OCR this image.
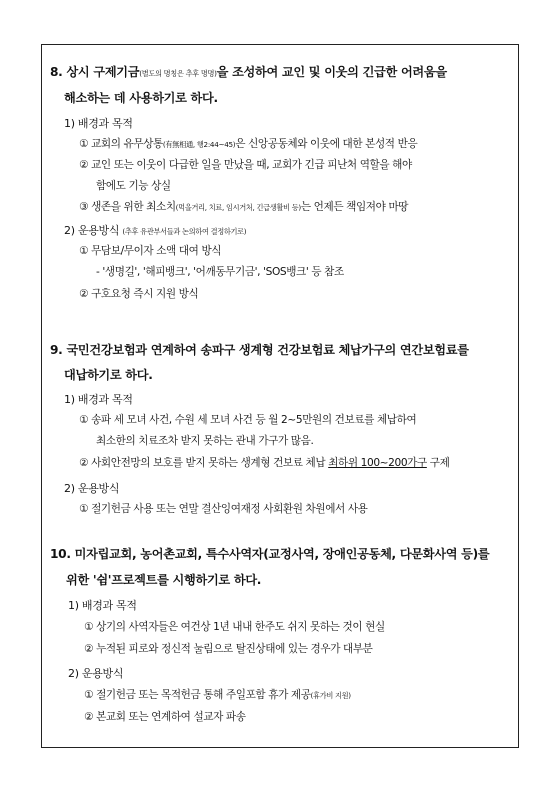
8. 상시 구제기금(별도의 명칭은 추후 명명)을 조성하여 교인 및 이웃의 긴급한 어려움을
해소하는 데 사용하기로 하다.
1) 배경과 목적
① 교회의 유무상통(有無相通, 행2:44~45)은 신앙공동체와 이웃에 대한 본성적 반응
② 교인 또는 이웃이 다급한 일을 만났을 때, 교회가 긴급 피난처 역할을 해야
함에도 기능 상실
③ 생존을 위한 최소치(먹을거리, 치료, 임시거처, 긴급생활비 등)는 언제든 책임져야 마땅
2) 운용방식 (추후 유관부서들과 논의하여 결정하기로)
① 무담보/무이자 소액 대여 방식
- '생명길', '해피뱅크', '어깨동무기금', 'SOS뱅크' 등 참조
② 구호요청 즉시 지원 방식
9. 국민건강보험과 연계하여 송파구 생계형 건강보험료 체납가구의 연간보험료를
대납하기로 하다.
1) 배경과 목적
① 송파 세 모녀 사건, 수원 세 모녀 사건 등 월 2~5만원의 건보료를 체납하여
최소한의 치료조차 받지 못하는 관내 가구가 많음.
② 사회안전망의 보호를 받지 못하는 생계형 건보료 체납 최하위 100~200가구 구제
2) 운용방식
① 절기헌금 사용 또는 연말 결산잉여재정 사회환원 차원에서 사용
10. 미자립교회, 농어촌교회, 특수사역자(교정사역, 장애인공동체, 다문화사역 등)를
위한 '쉼'프로젝트를 시행하기로 하다.
1) 배경과 목적
① 상기의 사역자들은 여건상 1년 내내 한주도 쉬지 못하는 것이 현실
② 누적된 피로와 정신적 눌림으로 탈진상태에 있는 경우가 대부분
2) 운용방식
① 절기헌금 또는 목적헌금 통해 주일포함 휴가 제공(휴가비 지원)
② 본교회 또는 연계하여 설교자 파송
